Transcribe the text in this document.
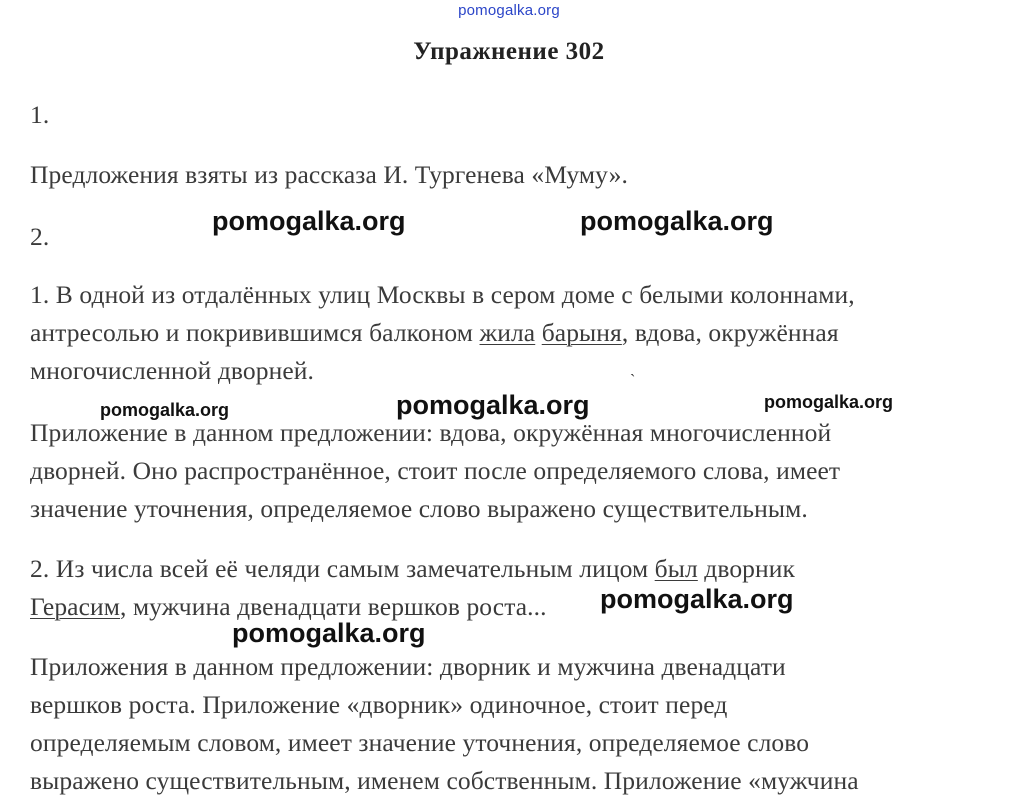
pomogalka.org
Упражнение 302
1.
Предложения взяты из рассказа И. Тургенева «Муму».
2.
1. В одной из отдалённых улиц Москвы в сером доме с белыми колоннами,
антресолью и покривившимся балконом жила барыня, вдова, окружённая
многочисленной дворней.
Приложение в данном предложении: вдова, окружённая многочисленной
дворней. Оно распространённое, стоит после определяемого слова, имеет
значение уточнения, определяемое слово выражено существительным.
2. Из числа всей её челяди самым замечательным лицом был дворник
Герасим, мужчина двенадцати вершков роста...
Приложения в данном предложении: дворник и мужчина двенадцати
вершков роста. Приложение «дворник» одиночное, стоит перед
определяемым словом, имеет значение уточнения, определяемое слово
выражено существительным, именем собственным. Приложение «мужчина
pomogalka.org	pomogalka.org
pomogalka.org	pomogalka.org	pomogalka.org
pomogalka.org
pomogalka.org
`
